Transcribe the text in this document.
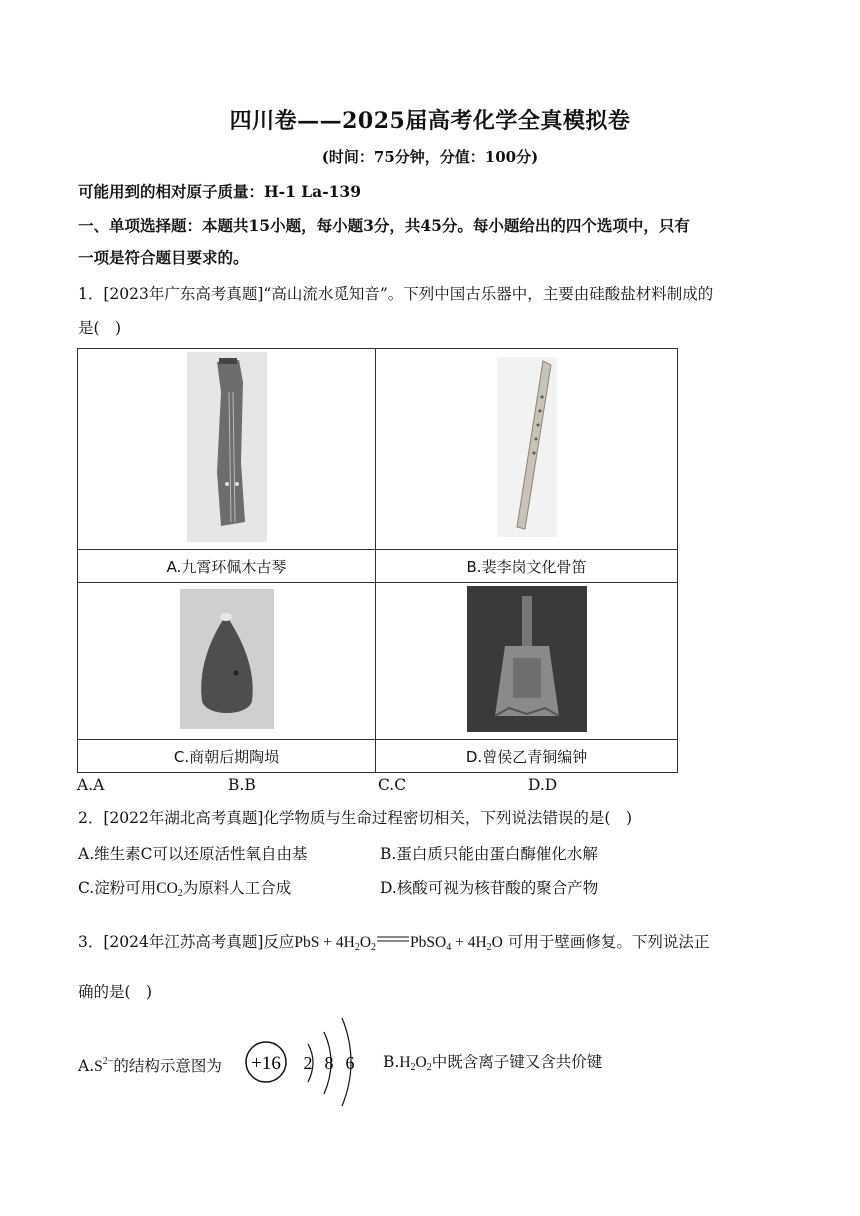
四川卷——2025届高考化学全真模拟卷
(时间：75分钟，分值：100分)
可能用到的相对原子质量：H-1 La-139
一、单项选择题：本题共15小题，每小题3分，共45分。每小题给出的四个选项中，只有
一项是符合题目要求的。
1．[2023年广东高考真题]“高山流水觅知音”。下列中国古乐器中，主要由硅酸盐材料制成的
是(　)

A.九霄环佩木古琴	B.裴李岗文化骨笛

C.商朝后期陶埙	D.曾侯乙青铜编钟
A.A	B.B	C.C	D.D
2．[2022年湖北高考真题]化学物质与生命过程密切相关，下列说法错误的是(　)
A.维生素C可以还原活性氧自由基	B.蛋白质只能由蛋白酶催化水解
C.淀粉可用$CO_2$为原料人工合成	D.核酸可视为核苷酸的聚合产物
3．[2024年江苏高考真题]反应PbS + $4H_2O_2$ PbSO$_4$ + $4H_2O$ 可用于壁画修复。下列说法正
确的是(　)
$A.S^{2-}$的结构示意图为 +16 2 8 6 $B.H_2O_2$中既含离子键又含共价键
